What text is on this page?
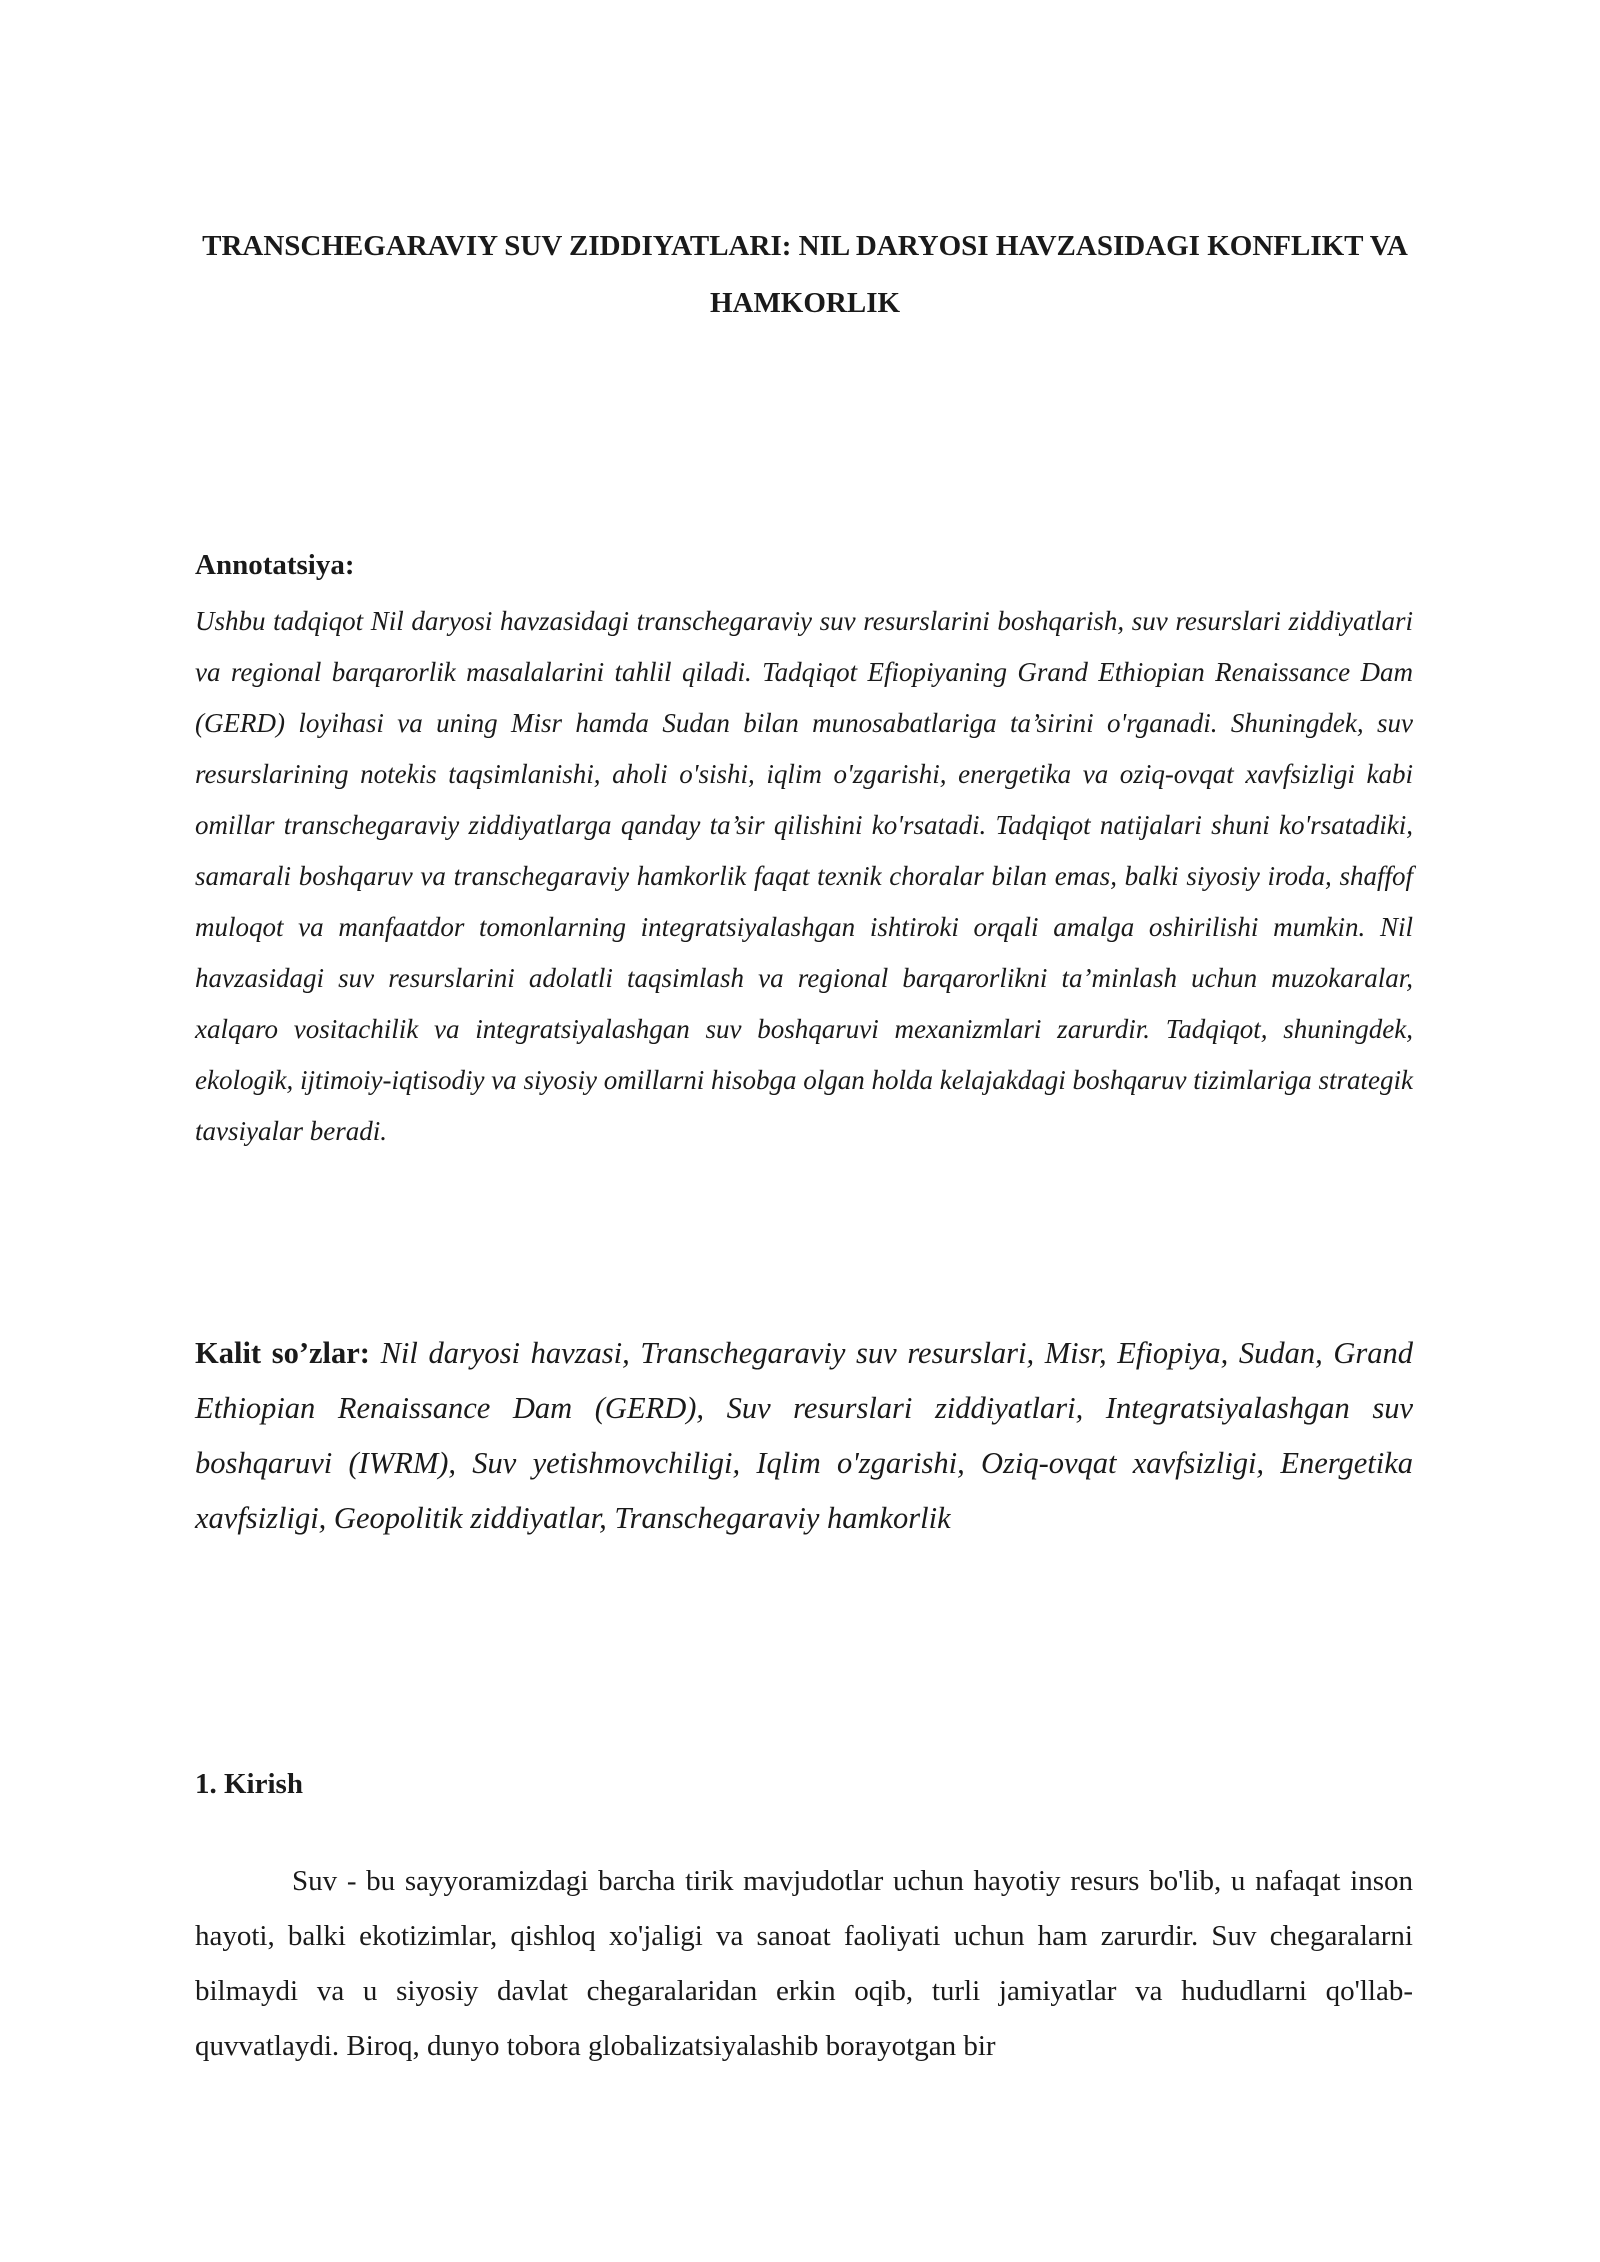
TRANSCHEGARAVIY SUV ZIDDIYATLARI: NIL DARYOSI HAVZASIDAGI KONFLIKT VA HAMKORLIK
Annotatsiya:

Ushbu tadqiqot Nil daryosi havzasidagi transchegaraviy suv resurslarini boshqarish, suv resurslari ziddiyatlari va regional barqarorlik masalalarini tahlil qiladi. Tadqiqot Efiopiyaning Grand Ethiopian Renaissance Dam (GERD) loyihasi va uning Misr hamda Sudan bilan munosabatlariga ta’sirini o'rganadi. Shuningdek, suv resurslarining notekis taqsimlanishi, aholi o'sishi, iqlim o'zgarishi, energetika va oziq-ovqat xavfsizligi kabi omillar transchegaraviy ziddiyatlarga qanday ta’sir qilishini ko'rsatadi. Tadqiqot natijalari shuni ko'rsatadiki, samarali boshqaruv va transchegaraviy hamkorlik faqat texnik choralar bilan emas, balki siyosiy iroda, shaffof muloqot va manfaatdor tomonlarning integratsiyalashgan ishtiroki orqali amalga oshirilishi mumkin. Nil havzasidagi suv resurslarini adolatli taqsimlash va regional barqarorlikni ta’minlash uchun muzokaralar, xalqaro vositachilik va integratsiyalashgan suv boshqaruvi mexanizmlari zarurdir. Tadqiqot, shuningdek, ekologik, ijtimoiy-iqtisodiy va siyosiy omillarni hisobga olgan holda kelajakdagi boshqaruv tizimlariga strategik tavsiyalar beradi.

Kalit so’zlar: Nil daryosi havzasi, Transchegaraviy suv resurslari, Misr, Efiopiya, Sudan, Grand Ethiopian Renaissance Dam (GERD), Suv resurslari ziddiyatlari, Integratsiyalashgan suv boshqaruvi (IWRM), Suv yetishmovchiligi, Iqlim o'zgarishi, Oziq-ovqat xavfsizligi, Energetika xavfsizligi, Geopolitik ziddiyatlar, Transchegaraviy hamkorlik

1. Kirish

Suv - bu sayyoramizdagi barcha tirik mavjudotlar uchun hayotiy resurs bo'lib, u nafaqat inson hayoti, balki ekotizimlar, qishloq xo'jaligi va sanoat faoliyati uchun ham zarurdir. Suv chegaralarni bilmaydi va u siyosiy davlat chegaralaridan erkin oqib, turli jamiyatlar va hududlarni qo'llab-quvvatlaydi. Biroq, dunyo tobora globalizatsiyalashib borayotgan bir
